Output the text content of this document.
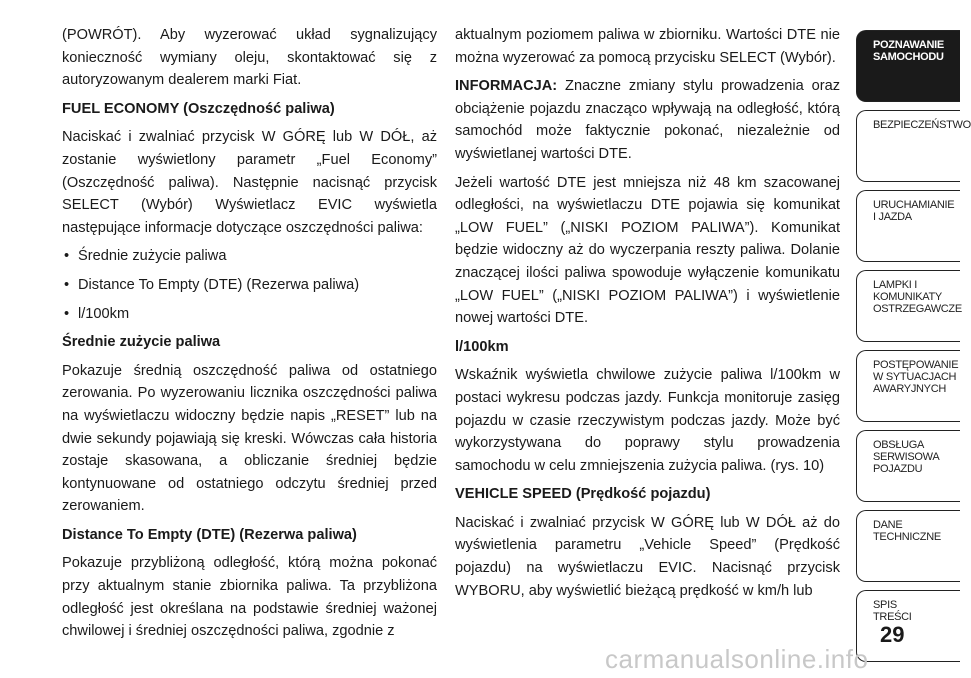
(POWRÓT). Aby wyzerować układ sygnalizujący konieczność wymiany oleju, skontaktować się z autoryzowanym dealerem marki Fiat.

FUEL ECONOMY (Oszczędność paliwa)

Naciskać i zwalniać przycisk W GÓRĘ lub W DÓŁ, aż zostanie wyświetlony parametr „Fuel Economy” (Oszczędność paliwa). Następnie nacisnąć przycisk SELECT (Wybór) Wyświetlacz EVIC wyświetla następujące informacje dotyczące oszczędności paliwa:

• Średnie zużycie paliwa

• Distance To Empty (DTE) (Rezerwa paliwa)

• l/100km

Średnie zużycie paliwa

Pokazuje średnią oszczędność paliwa od ostatniego zerowania. Po wyzerowaniu licznika oszczędności paliwa na wyświetlaczu widoczny będzie napis „RESET” lub na dwie sekundy pojawiają się kreski. Wówczas cała historia zostaje skasowana, a obliczanie średniej będzie kontynuowane od ostatniego odczytu średniej przed zerowaniem.

Distance To Empty (DTE) (Rezerwa paliwa)

Pokazuje przybliżoną odległość, którą można pokonać przy aktualnym stanie zbiornika paliwa. Ta przybliżona odległość jest określana na podstawie średniej ważonej chwilowej i średniej oszczędności paliwa, zgodnie z

aktualnym poziomem paliwa w zbiorniku. Wartości DTE nie można wyzerować za pomocą przycisku SELECT (Wybór).

INFORMACJA: Znaczne zmiany stylu prowadzenia oraz obciążenie pojazdu znacząco wpływają na odległość, którą samochód może faktycznie pokonać, niezależnie od wyświetlanej wartości DTE.

Jeżeli wartość DTE jest mniejsza niż 48 km szacowanej odległości, na wyświetlaczu DTE pojawia się komunikat „LOW FUEL” („NISKI POZIOM PALIWA”). Komunikat będzie widoczny aż do wyczerpania reszty paliwa. Dolanie znaczącej ilości paliwa spowoduje wyłączenie komunikatu „LOW FUEL” („NISKI POZIOM PALIWA”) i wyświetlenie nowej wartości DTE.

l/100km

Wskaźnik wyświetla chwilowe zużycie paliwa l/100km w postaci wykresu podczas jazdy. Funkcja monitoruje zasięg pojazdu w czasie rzeczywistym podczas jazdy. Może być wykorzystywana do poprawy stylu prowadzenia samochodu w celu zmniejszenia zużycia paliwa. (rys. 10)

VEHICLE SPEED (Prędkość pojazdu)

Naciskać i zwalniać przycisk W GÓRĘ lub W DÓŁ aż do wyświetlenia parametru „Vehicle Speed” (Prędkość pojazdu) na wyświetlaczu EVIC. Nacisnąć przycisk WYBORU, aby wyświetlić bieżącą prędkość w km/h lub

POZNAWANIE
SAMOCHODU
BEZPIECZEŃSTWO
URUCHAMIANIE
I JAZDA
LAMPKI I
KOMUNIKATY
OSTRZEGAWCZE
POSTĘPOWANIE
W SYTUACJACH
AWARYJNYCH
OBSŁUGA
SERWISOWA
POJAZDU
DANE
TECHNICZNE
SPIS
TREŚCI
29
carmanualsonline.info
